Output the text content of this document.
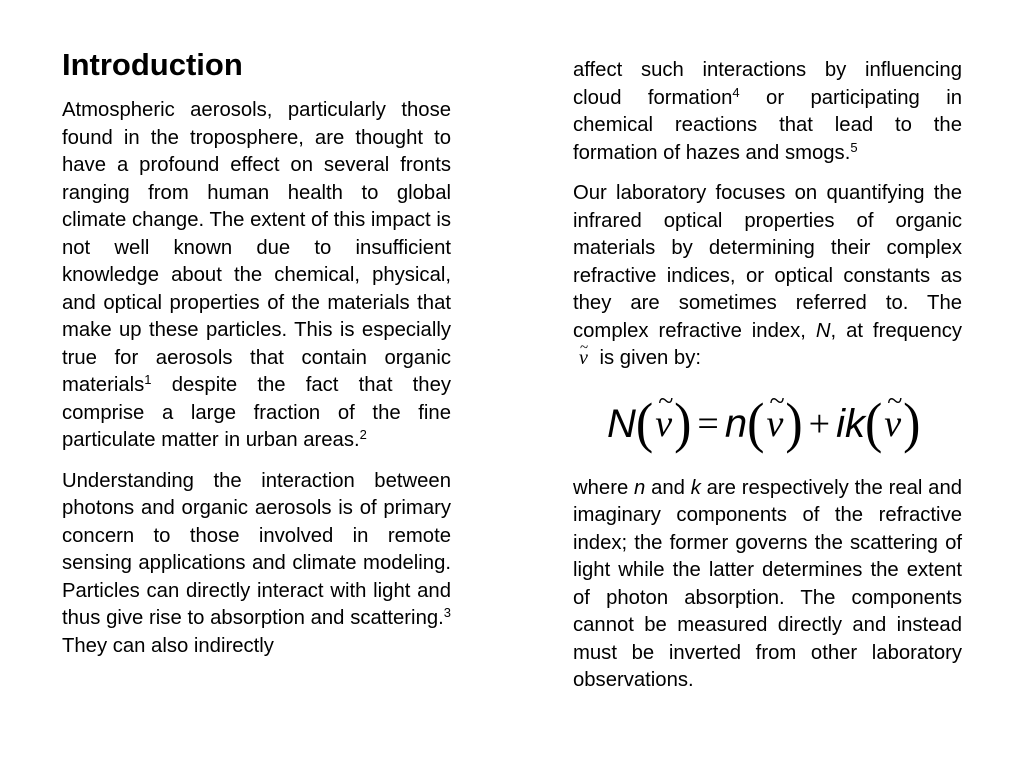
Introduction

Atmospheric aerosols, particularly those found in the troposphere, are thought to have a profound effect on several fronts ranging from human health to global climate change. The extent of this impact is not well known due to insufficient knowledge about the chemical, physical, and optical properties of the materials that make up these particles. This is especially true for aerosols that contain organic materials$^1$ despite the fact that they comprise a large fraction of the fine particulate matter in urban areas.$^2$

Understanding the interaction between photons and organic aerosols is of primary concern to those involved in remote sensing applications and climate modeling. Particles can directly interact with light and thus give rise to absorption and scattering.$^3$ They can also indirectly

affect such interactions by influencing cloud formation$^4$ or participating in chemical reactions that lead to the formation of hazes and smogs.$^5$

Our laboratory focuses on quantifying the infrared optical properties of organic materials by determining their complex refractive indices, or optical constants as they are sometimes referred to. The complex refractive index, N, at frequency ~ ν is given by:

N ( ~ ν ) = n ( ~ ν ) + ik ( ~ ν )

where n and k are respectively the real and imaginary components of the refractive index; the former governs the scattering of light while the latter determines the extent of photon absorption. The components cannot be measured directly and instead must be inverted from other laboratory observations.
